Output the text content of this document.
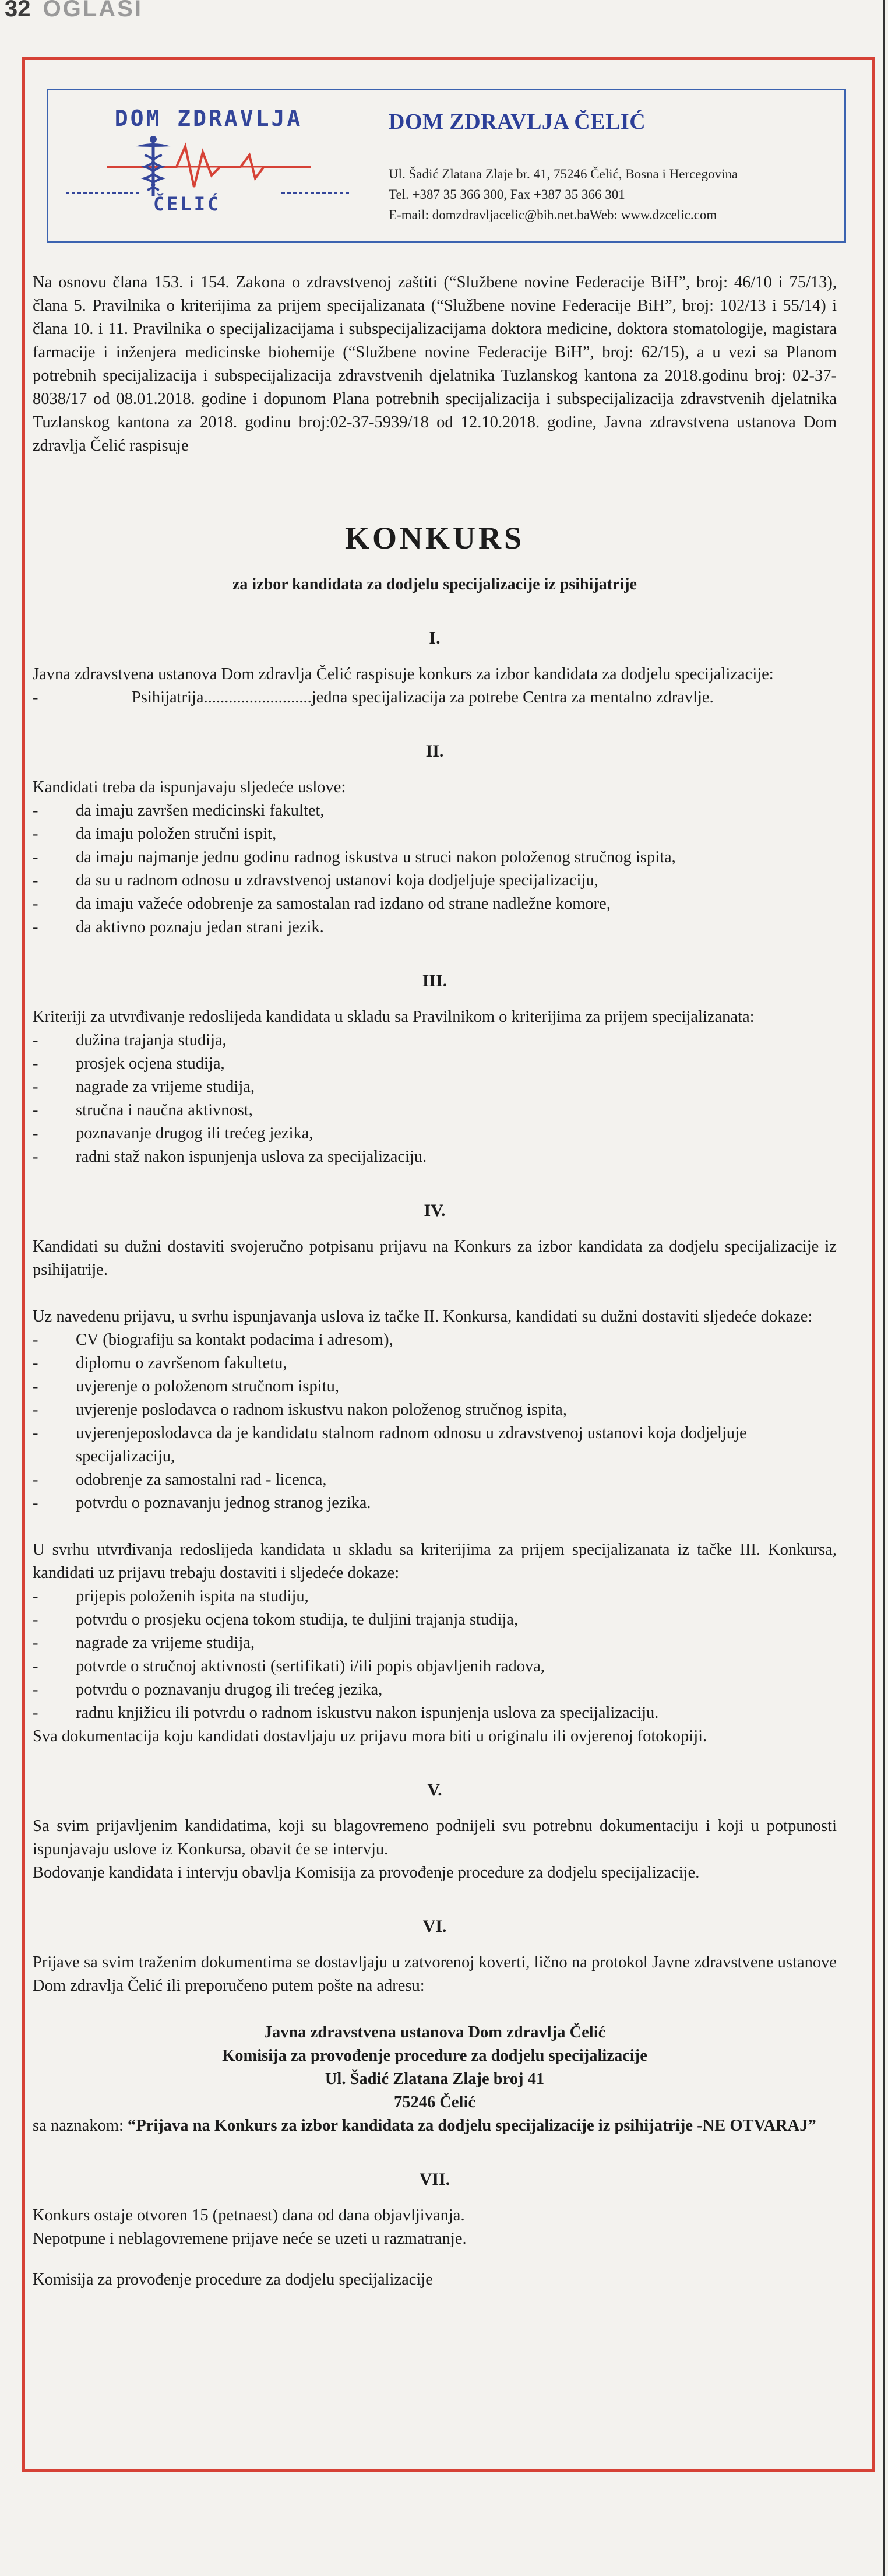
32 OGLASI
DOM ZDRAVLJA
ČELIĆ
DOM ZDRAVLJA ČELIĆ
Ul. Šadić Zlatana Zlaje br. 41, 75246 Čelić, Bosna i Hercegovina
Tel. +387 35 366 300, Fax +387 35 366 301
E-mail: domzdravljacelic@bih.net.baWeb: www.dzcelic.com

Na osnovu člana 153. i 154. Zakona o zdravstvenoj zaštiti (“Službene novine Federacije BiH”, broj: 46/10 i 75/13), člana 5. Pravilnika o kriterijima za prijem specijalizanata (“Službene novine Federacije BiH”, broj: 102/13 i 55/14) i člana 10. i 11. Pravilnika o specijalizacijama i subspecijalizacijama doktora medicine, doktora stomatologije, magistara farmacije i inženjera medicinske biohemije (“Službene novine Federacije BiH”, broj: 62/15), a u vezi sa Planom potrebnih specijalizacija i subspecijalizacija zdravstvenih djelatnika Tuzlanskog kantona za 2018.godinu broj: 02-37-8038/17 od 08.01.2018. godine i dopunom Plana potrebnih specijalizacija i subspecijalizacija zdravstvenih djelatnika Tuzlanskog kantona za 2018. godinu broj:02-37-5939/18 od 12.10.2018. godine, Javna zdravstvena ustanova Dom zdravlja Čelić raspisuje

KONKURS
za izbor kandidata za dodjelu specijalizacije iz psihijatrije
I.

Javna zdravstvena ustanova Dom zdravlja Čelić raspisuje konkurs za izbor kandidata za dodjelu specijalizacije:

-	Psihijatrija..........................jedna specijalizacija za potrebe Centra za mentalno zdravlje.

II.

Kandidati treba da ispunjavaju sljedeće uslove:

- da imaju završen medicinski fakultet,
- da imaju položen stručni ispit,
- da imaju najmanje jednu godinu radnog iskustva u struci nakon položenog stručnog ispita,
- da su u radnom odnosu u zdravstvenoj ustanovi koja dodjeljuje specijalizaciju,
- da imaju važeće odobrenje za samostalan rad izdano od strane nadležne komore,
- da aktivno poznaju jedan strani jezik.
III.

Kriteriji za utvrđivanje redoslijeda kandidata u skladu sa Pravilnikom o kriterijima za prijem specijalizanata:

- dužina trajanja studija,
- prosjek ocjena studija,
- nagrade za vrijeme studija,
- stručna i naučna aktivnost,
- poznavanje drugog ili trećeg jezika,
- radni staž nakon ispunjenja uslova za specijalizaciju.
IV.

Kandidati su dužni dostaviti svojeručno potpisanu prijavu na Konkurs za izbor kandidata za dodjelu specijalizacije iz psihijatrije.

Uz navedenu prijavu, u svrhu ispunjavanja uslova iz tačke II. Konkursa, kandidati su dužni dostaviti sljedeće dokaze:

- CV (biografiju sa kontakt podacima i adresom),
- diplomu o završenom fakultetu,
- uvjerenje o položenom stručnom ispitu,
- uvjerenje poslodavca o radnom iskustvu nakon položenog stručnog ispita,
- uvjerenjeposlodavca da je kandidatu stalnom radnom odnosu u zdravstvenoj ustanovi koja dodjeljuje specijalizaciju,
- odobrenje za samostalni rad - licenca,
- potvrdu o poznavanju jednog stranog jezika.

U svrhu utvrđivanja redoslijeda kandidata u skladu sa kriterijima za prijem specijalizanata iz tačke III. Konkursa, kandidati uz prijavu trebaju dostaviti i sljedeće dokaze:

- prijepis položenih ispita na studiju,
- potvrdu o prosjeku ocjena tokom studija, te duljini trajanja studija,
- nagrade za vrijeme studija,
- potvrde o stručnoj aktivnosti (sertifikati) i/ili popis objavljenih radova,
- potvrdu o poznavanju drugog ili trećeg jezika,
- radnu knjižicu ili potvrdu o radnom iskustvu nakon ispunjenja uslova za specijalizaciju.

Sva dokumentacija koju kandidati dostavljaju uz prijavu mora biti u originalu ili ovjerenoj fotokopiji.

V.

Sa svim prijavljenim kandidatima, koji su blagovremeno podnijeli svu potrebnu dokumentaciju i koji u potpunosti ispunjavaju uslove iz Konkursa, obavit će se intervju.

Bodovanje kandidata i intervju obavlja Komisija za provođenje procedure za dodjelu specijalizacije.

VI.

Prijave sa svim traženim dokumentima se dostavljaju u zatvorenoj koverti, lično na protokol Javne zdravstvene ustanove Dom zdravlja Čelić ili preporučeno putem pošte na adresu:

Javna zdravstvena ustanova Dom zdravlja Čelić
Komisija za provođenje procedure za dodjelu specijalizacije
Ul. Šadić Zlatana Zlaje broj 41
75246 Čelić

sa naznakom: “Prijava na Konkurs za izbor kandidata za dodjelu specijalizacije iz psihijatrije -NE OTVARAJ”

VII.

Konkurs ostaje otvoren 15 (petnaest) dana od dana objavljivanja.

Nepotpune i neblagovremene prijave neće se uzeti u razmatranje.

Komisija za provođenje procedure za dodjelu specijalizacije
